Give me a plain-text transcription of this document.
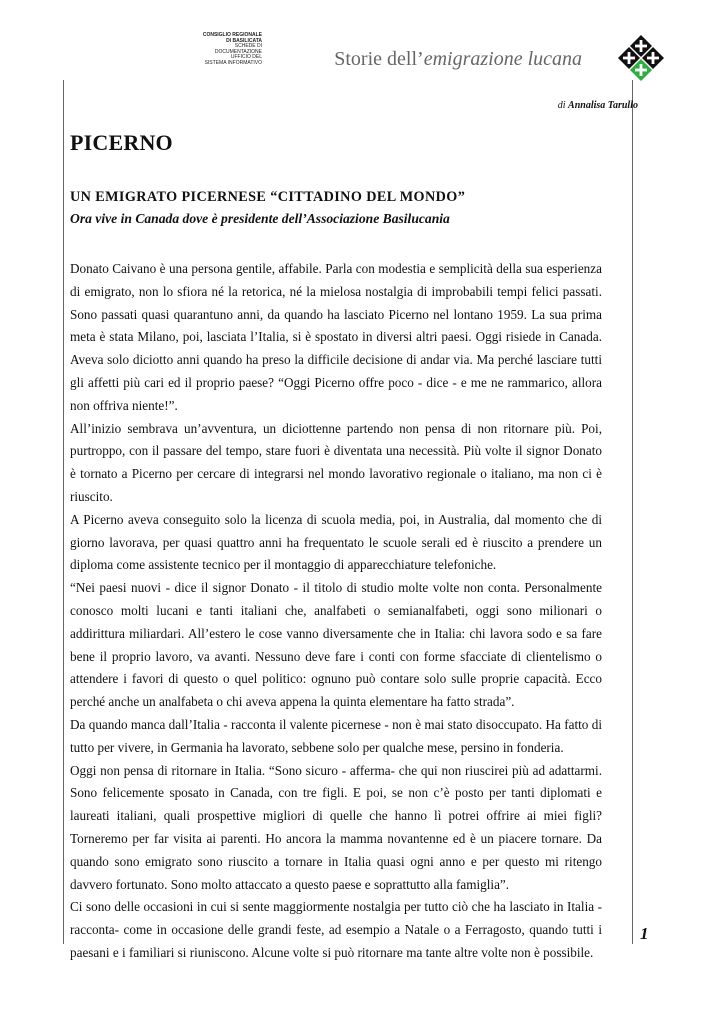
CONSIGLIO REGIONALE
DI BASILICATA
SCHEDE DI
DOCUMENTAZIONE
UFFICIO DEL
SISTEMA INFORMATIVO	Storie dell’emigrazione lucana
di Annalisa Tarullo
PICERNO
UN EMIGRATO PICERNESE “CITTADINO DEL MONDO”
Ora vive in Canada dove è presidente dell’Associazione Basilucania

Donato Caivano è una persona gentile, affabile. Parla con modestia e semplicità della sua esperienza di emigrato, non lo sfiora né la retorica, né la mielosa nostalgia di improbabili tempi felici passati. Sono passati quasi quarantuno anni, da quando ha lasciato Picerno nel lontano 1959. La sua prima meta è stata Milano, poi, lasciata l’Italia, si è spostato in diversi altri paesi. Oggi risiede in Canada. Aveva solo diciotto anni quando ha preso la difficile decisione di andar via. Ma perché lasciare tutti gli affetti più cari ed il proprio paese? “Oggi Picerno offre poco - dice - e me ne rammarico, allora non offriva niente!”.

All’inizio sembrava un’avventura, un diciottenne partendo non pensa di non ritornare più. Poi, purtroppo, con il passare del tempo, stare fuori è diventata una necessità. Più volte il signor Donato è tornato a Picerno per cercare di integrarsi nel mondo lavorativo regionale o italiano, ma non ci è riuscito.

A Picerno aveva conseguito solo la licenza di scuola media, poi, in Australia, dal momento che di giorno lavorava, per quasi quattro anni ha frequentato le scuole serali ed è riuscito a prendere un diploma come assistente tecnico per il montaggio di apparecchiature telefoniche.

“Nei paesi nuovi - dice il signor Donato - il titolo di studio molte volte non conta. Personalmente conosco molti lucani e tanti italiani che, analfabeti o semianalfabeti, oggi sono milionari o addirittura miliardari. All’estero le cose vanno diversamente che in Italia: chi lavora sodo e sa fare bene il proprio lavoro, va avanti. Nessuno deve fare i conti con forme sfacciate di clientelismo o attendere i favori di questo o quel politico: ognuno può contare solo sulle proprie capacità. Ecco perché anche un analfabeta o chi aveva appena la quinta elementare ha fatto strada”.

Da quando manca dall’Italia - racconta il valente picernese - non è mai stato disoccupato. Ha fatto di tutto per vivere, in Germania ha lavorato, sebbene solo per qualche mese, persino in fonderia.

Oggi non pensa di ritornare in Italia. “Sono sicuro - afferma- che qui non riuscirei più ad adattarmi. Sono felicemente sposato in Canada, con tre figli. E poi, se non c’è posto per tanti diplomati e laureati italiani, quali prospettive migliori di quelle che hanno lì potrei offrire ai miei figli? Torneremo per far visita ai parenti. Ho ancora la mamma novantenne ed è un piacere tornare. Da quando sono emigrato sono riuscito a tornare in Italia quasi ogni anno e per questo mi ritengo davvero fortunato. Sono molto attaccato a questo paese e soprattutto alla famiglia”.

Ci sono delle occasioni in cui si sente maggiormente nostalgia per tutto ciò che ha lasciato in Italia - racconta- come in occasione delle grandi feste, ad esempio a Natale o a Ferragosto, quando tutti i paesani e i familiari si riuniscono. Alcune volte si può ritornare ma tante altre volte non è possibile.

1
